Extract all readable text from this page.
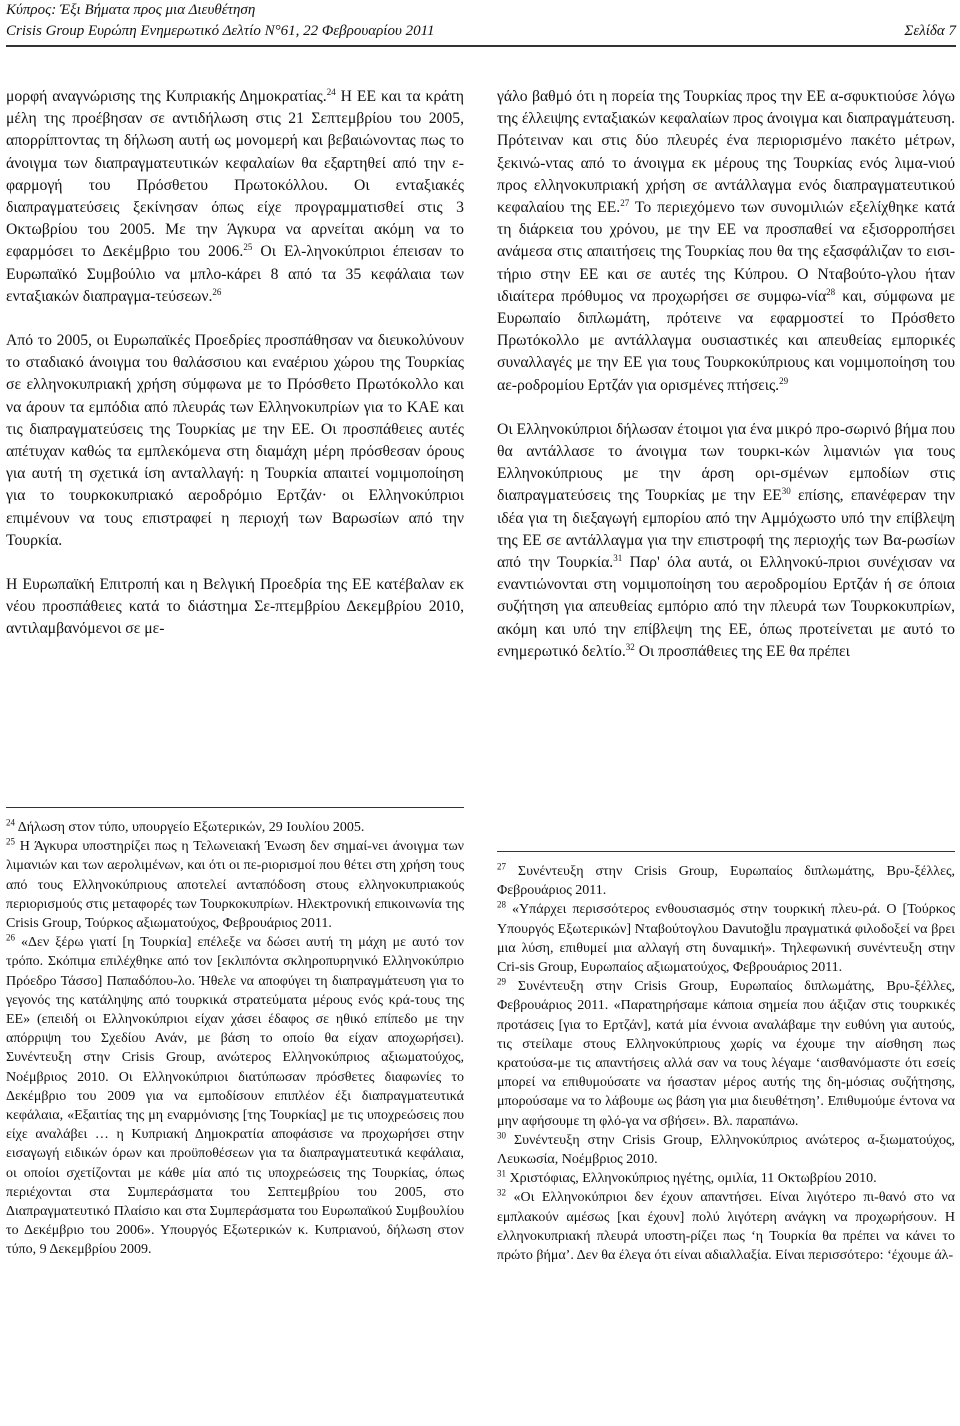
Κύπρος: Έξι Βήματα προς μια Διευθέτηση
Crisis Group Ευρώπη Ενημερωτικό Δελτίο N°61, 22 Φεβρουαρίου 2011	Σελίδα 7

μορφή αναγνώρισης της Κυπριακής Δημοκρατίας.$^{24}$ Η ΕΕ και τα κράτη μέλη της προέβησαν σε αντιδήλωση στις 21 Σεπτεμβρίου του 2005, απορρίπτοντας τη δήλωση αυτή ως μονομερή και βεβαιώνοντας πως το άνοιγμα των διαπραγματευτικών κεφαλαίων θα εξαρτηθεί από την ε-φαρμογή του Πρόσθετου Πρωτοκόλλου. Οι ενταξιακές διαπραγματεύσεις ξεκίνησαν όπως είχε προγραμματισθεί στις 3 Οκτωβρίου του 2005. Με την Άγκυρα να αρνείται ακόμη να το εφαρμόσει το Δεκέμβριο του 2006.25 Οι Ελ-ληνοκύπριοι έπεισαν το Ευρωπαϊκό Συμβούλιο να μπλο-κάρει 8 από τα 35 κεφάλαια των ενταξιακών διαπραγμα-τεύσεων.$^{26}$

Από το 2005, οι Ευρωπαϊκές Προεδρίες προσπάθησαν να διευκολύνουν το σταδιακό άνοιγμα του θαλάσσιου και εναέριου χώρου της Τουρκίας σε ελληνοκυπριακή χρήση σύμφωνα με το Πρόσθετο Πρωτόκολλο και να άρουν τα εμπόδια από πλευράς των Ελληνοκυπρίων για το ΚΑΕ και τις διαπραγματεύσεις της Τουρκίας με την ΕΕ. Οι προσπάθειες αυτές απέτυχαν καθώς τα εμπλεκόμενα στη διαμάχη μέρη πρόσθεσαν όρους για αυτή τη σχετικά ίση ανταλλαγή: η Τουρκία απαιτεί νομιμοποίηση για το τουρκοκυπριακό αεροδρόμιο Ερτζάν· οι Ελληνοκύπριοι επιμένουν να τους επιστραφεί η περιοχή των Βαρωσίων από την Τουρκία.

Η Ευρωπαϊκή Επιτροπή και η Βελγική Προεδρία της ΕΕ κατέβαλαν εκ νέου προσπάθειες κατά το διάστημα Σε-πτεμβρίου Δεκεμβρίου 2010, αντιλαμβανόμενοι σε με-

$^{24}$ Δήλωση στον τύπο, υπουργείο Εξωτερικών, 29 Ιουλίου 2005.

$^{25}$ Η Άγκυρα υποστηρίζει πως η Τελωνειακή Ένωση δεν σημαί-νει άνοιγμα των λιμανιών και των αερολιμένων, και ότι οι πε-ριορισμοί που θέτει στη χρήση τους από τους Ελληνοκύπριους αποτελεί ανταπόδοση στους ελληνοκυπριακούς περιορισμούς στις μεταφορές των Τουρκοκυπρίων. Ηλεκτρονική επικοινωνία της Crisis Group, Τούρκος αξιωματούχος, Φεβρουάριος 2011.

$^{26}$ «Δεν ξέρω γιατί [η Τουρκία] επέλεξε να δώσει αυτή τη μάχη με αυτό τον τρόπο. Σκόπιμα επιλέχθηκε από τον [εκλιπόντα σκληροπυρηνικό Ελληνοκύπριο Πρόεδρο Τάσσο] Παπαδόπου-λο. Ήθελε να αποφύγει τη διαπραγμάτευση για το γεγονός της κατάληψης από τουρκικά στρατεύματα μέρους ενός κρά-τους της ΕΕ» (επειδή οι Ελληνοκύπριοι είχαν χάσει έδαφος σε ηθικό επίπεδο με την απόρριψη του Σχεδίου Ανάν, με βάση το οποίο θα είχαν αποχωρήσει). Συνέντευξη στην Crisis Group, ανώτερος Ελληνοκύπριος αξιωματούχος, Νοέμβριος 2010. Οι Ελληνοκύπριοι διατύπωσαν πρόσθετες διαφωνίες το Δεκέμβριο του 2009 για να εμποδίσουν επιπλέον έξι διαπραγματευτικά κεφάλαια, «Εξαιτίας της μη εναρμόνισης [της Τουρκίας] με τις υποχρεώσεις που είχε αναλάβει … η Κυπριακή Δημοκρατία αποφάσισε να προχωρήσει στην εισαγωγή ειδικών όρων και προϋποθέσεων για τα διαπραγματευτικά κεφάλαια, οι οποίοι σχετίζονται με κάθε μία από τις υποχρεώσεις της Τουρκίας, όπως περιέχονται στα Συμπεράσματα του Σεπτεμβρίου του 2005, στο Διαπραγματευτικό Πλαίσιο και στα Συμπεράσματα του Ευρωπαϊκού Συμβουλίου το Δεκέμβριο του 2006». Υπουργός Εξωτερικών κ. Κυπριανού, δήλωση στον τύπο, 9 Δεκεμβρίου 2009.

γάλο βαθμό ότι η πορεία της Τουρκίας προς την ΕΕ α-σφυκτιούσε λόγω της έλλειψης ενταξιακών κεφαλαίων προς άνοιγμα και διαπραγμάτευση. Πρότειναν και στις δύο πλευρές ένα περιορισμένο πακέτο μέτρων, ξεκινώ-ντας από το άνοιγμα εκ μέρους της Τουρκίας ενός λιμα-νιού προς ελληνοκυπριακή χρήση σε αντάλλαγμα ενός διαπραγματευτικού κεφαλαίου της ΕΕ.$^{27}$ Το περιεχόμενο των συνομιλιών εξελίχθηκε κατά τη διάρκεια του χρόνου, με την ΕΕ να προσπαθεί να εξισορροπήσει ανάμεσα στις απαιτήσεις της Τουρκίας που θα της εξασφάλιζαν το εισι-τήριο στην ΕΕ και σε αυτές της Κύπρου. Ο Νταβούτο-γλου ήταν ιδιαίτερα πρόθυμος να προχωρήσει σε συμφω-νία$^{28}$ και, σύμφωνα με Ευρωπαίο διπλωμάτη, πρότεινε να εφαρμοστεί το Πρόσθετο Πρωτόκολλο με αντάλλαγμα ουσιαστικές και απευθείας εμπορικές συναλλαγές με την ΕΕ για τους Τουρκοκύπριους και νομιμοποίηση του αε-ροδρομίου Ερτζάν για ορισμένες πτήσεις.$^{29}$

Οι Ελληνοκύπριοι δήλωσαν έτοιμοι για ένα μικρό προ-σωρινό βήμα που θα αντάλλασε το άνοιγμα των τουρκι-κών λιμανιών για τους Ελληνοκύπριους με την άρση ορι-σμένων εμποδίων στις διαπραγματεύσεις της Τουρκίας με την ΕΕ$^{30}$ επίσης, επανέφεραν την ιδέα για τη διεξαγωγή εμπορίου από την Αμμόχωστο υπό την επίβλεψη της ΕΕ σε αντάλλαγμα για την επιστροφή της περιοχής των Βα-ρωσίων από την Τουρκία.$^{31}$ Παρ' όλα αυτά, οι Ελληνοκύ-πριοι συνέχισαν να εναντιώνονται στη νομιμοποίηση του αεροδρομίου Ερτζάν ή σε όποια συζήτηση για απευθείας εμπόριο από την πλευρά των Τουρκοκυπρίων, ακόμη και υπό την επίβλεψη της ΕΕ, όπως προτείνεται με αυτό το ενημερωτικό δελτίο.$^{32}$ Οι προσπάθειες της ΕΕ θα πρέπει

$^{27}$ Συνέντευξη στην Crisis Group, Ευρωπαίος διπλωμάτης, Βρυ-ξέλλες, Φεβρουάριος 2011.

$^{28}$ «Υπάρχει περισσότερος ενθουσιασμός στην τουρκική πλευ-ρά. Ο [Τούρκος Υπουργός Εξωτερικών] Νταβούτογλου Davutoğlu πραγματικά φιλοδοξεί να βρει μια λύση, επιθυμεί μια αλλαγή στη δυναμική». Τηλεφωνική συνέντευξη στην Cri-sis Group, Ευρωπαίος αξιωματούχος, Φεβρουάριος 2011.

$^{29}$ Συνέντευξη στην Crisis Group, Ευρωπαίος διπλωμάτης, Βρυ-ξέλλες, Φεβρουάριος 2011. «Παρατηρήσαμε κάποια σημεία που άξιζαν στις τουρκικές προτάσεις [για το Ερτζάν], κατά μία έννοια αναλάβαμε την ευθύνη για αυτούς, τις στείλαμε στους Ελληνοκύπριους χωρίς να έχουμε την αίσθηση πως κρατούσα-με τις απαντήσεις αλλά σαν να τους λέγαμε ‘αισθανόμαστε ότι εσείς μπορεί να επιθυμούσατε να ήσασταν μέρος αυτής της δη-μόσιας συζήτησης, μπορούσαμε να το λάβουμε ως βάση για μια διευθέτηση’. Επιθυμούμε έντονα να μην αφήσουμε τη φλό-γα να σβήσει». Βλ. παραπάνω.

$^{30}$ Συνέντευξη στην Crisis Group, Ελληνοκύπριος ανώτερος α-ξιωματούχος, Λευκωσία, Νοέμβριος 2010.

$^{31}$ Χριστόφιας, Ελληνοκύπριος ηγέτης, ομιλία, 11 Οκτωβρίου 2010.

$^{32}$ «Οι Ελληνοκύπριοι δεν έχουν απαντήσει. Είναι λιγότερο πι-θανό στο να εμπλακούν αμέσως [και έχουν] πολύ λιγότερη ανάγκη να προχωρήσουν. Η ελληνοκυπριακή πλευρά υποστη-ρίζει πως ‘η Τουρκία θα πρέπει να κάνει το πρώτο βήμα’. Δεν θα έλεγα ότι είναι αδιαλλαξία. Είναι περισσότερο: ‘έχουμε άλ-
